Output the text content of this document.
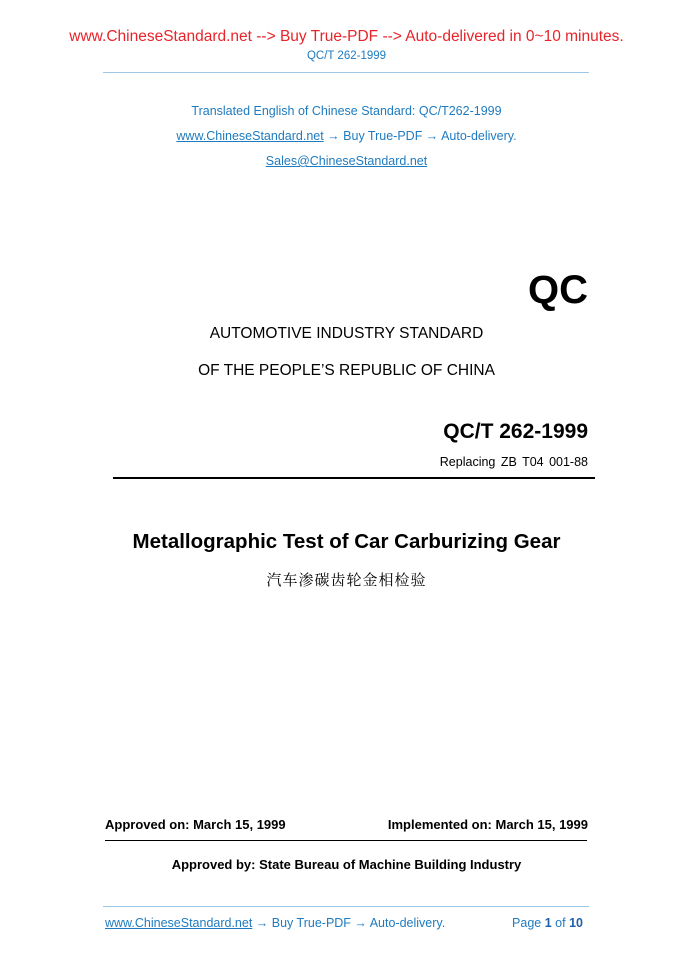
www.ChineseStandard.net --> Buy True-PDF --> Auto-delivered in 0~10 minutes.
QC/T 262-1999
Translated English of Chinese Standard: QC/T262-1999
www.ChineseStandard.net → Buy True-PDF → Auto-delivery.
Sales@ChineseStandard.net
QC
AUTOMOTIVE INDUSTRY STANDARD
OF THE PEOPLE’S REPUBLIC OF CHINA
QC/T 262-1999
Replacing ZB T04 001-88
Metallographic Test of Car Carburizing Gear
汽车渗碳齿轮金相检验
Approved on: March 15, 1999	Implemented on: March 15, 1999
Approved by: State Bureau of Machine Building Industry
www.ChineseStandard.net → Buy True-PDF → Auto-delivery.	Page 1 of 10
